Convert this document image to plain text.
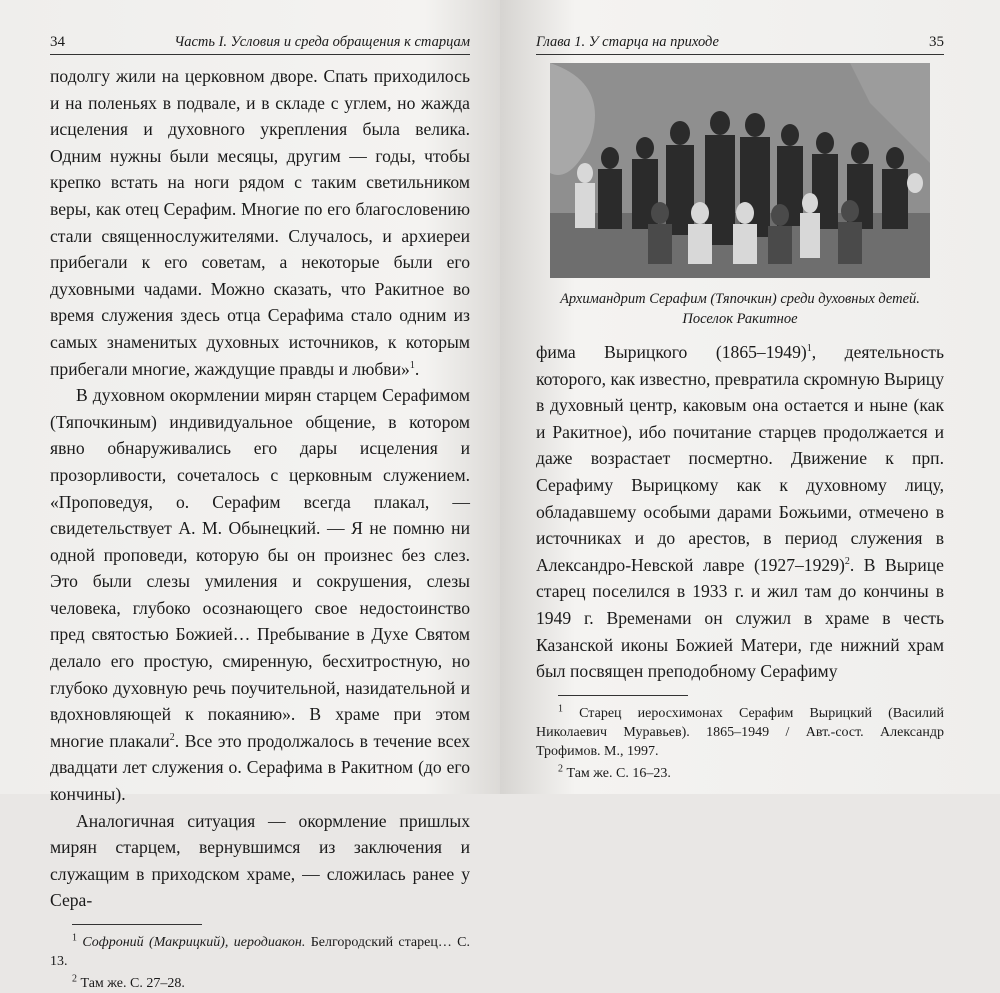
34	Часть I. Условия и среда обращения к старцам

подолгу жили на церковном дворе. Спать приходилось и на поленьях в подвале, и в складе с углем, но жажда исцеления и духовного укрепления была велика. Одним нужны были месяцы, другим — годы, чтобы крепко встать на ноги рядом с таким светильником веры, как отец Серафим. Многие по его благословению стали священнослужителями. Случалось, и архиереи прибегали к его советам, а некоторые были его духовными чадами. Можно сказать, что Ракитное во время служения здесь отца Серафима стало одним из самых знаменитых духовных источников, к которым прибегали многие, жаждущие правды и любви»$^1$.

В духовном окормлении мирян старцем Серафимом (Тяпочкиным) индивидуальное общение, в котором явно обнаруживались его дары исцеления и прозорливости, сочеталось с церковным служением. «Проповедуя, о. Серафим всегда плакал, — свидетельствует А. М. Обынецкий. — Я не помню ни одной проповеди, которую бы он произнес без слез. Это были слезы умиления и сокрушения, слезы человека, глубоко осознающего свое недостоинство пред святостью Божией… Пребывание в Духе Святом делало его простую, смиренную, бесхитростную, но глубоко духовную речь поучительной, назидательной и вдохновляющей к покаянию». В храме при этом многие плакали$^2$. Все это продолжалось в течение всех двадцати лет служения о. Серафима в Ракитном (до его кончины).

Аналогичная ситуация — окормление пришлых мирян старцем, вернувшимся из заключения и служащим в приходском храме, — сложилась ранее у Сера-

$^1$ Софроний (Макрицкий), иеродиакон. Белгородский старец… С. 13.

$^2$ Там же. С. 27–28.

Глава 1. У старца на приходе	35
Архимандрит Серафим (Тяпочкин) среди духовных детей.
Поселок Ракитное

фима Вырицкого (1865–1949)$^1$, деятельность которого, как известно, превратила скромную Вырицу в духовный центр, каковым она остается и ныне (как и Ракитное), ибо почитание старцев продолжается и даже возрастает посмертно. Движение к прп. Серафиму Вырицкому как к духовному лицу, обладавшему особыми дарами Божьими, отмечено в источниках и до арестов, в период служения в Александро-Невской лавре (1927–1929)$^2$. В Вырице старец поселился в 1933 г. и жил там до кончины в 1949 г. Временами он служил в храме в честь Казанской иконы Божией Матери, где нижний храм был посвящен преподобному Серафиму

$^1$ Старец иеросхимонах Серафим Вырицкий (Василий Николаевич Муравьев). 1865–1949 / Авт.-сост. Александр Трофимов. М., 1997.

$^2$ Там же. С. 16–23.
